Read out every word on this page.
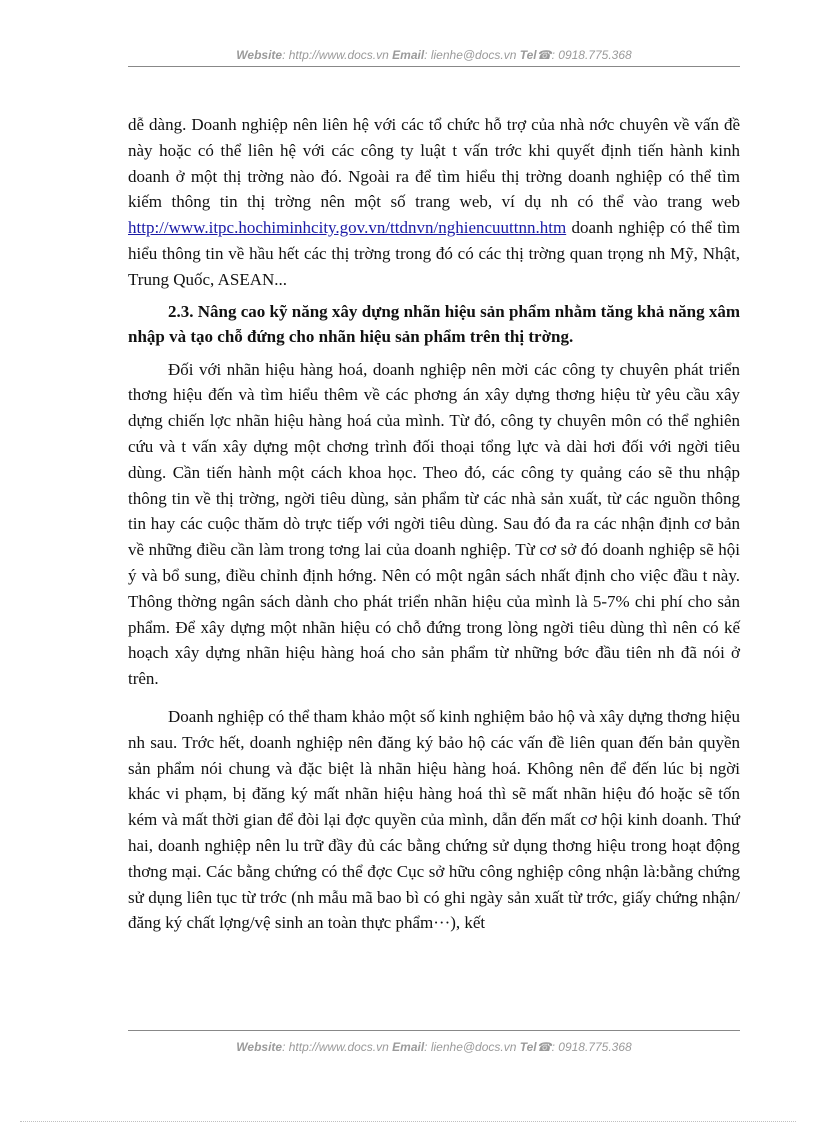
Website: http://www.docs.vn Email: lienhe@docs.vn Tel☎: 0918.775.368

dễ dàng. Doanh nghiệp nên liên hệ với các tổ chức hỗ trợ của nhà nớc chuyên về vấn đề này hoặc có thể liên hệ với các công ty luật t vấn trớc khi quyết định tiến hành kinh doanh ở một thị trờng nào đó. Ngoài ra để tìm hiểu thị trờng doanh nghiệp có thể tìm kiếm thông tin thị trờng nên một số trang web, ví dụ nh có thể vào trang web http://www.itpc.hochiminhcity.gov.vn/ttdnvn/nghiencuuttnn.htm doanh nghiệp có thể tìm hiểu thông tin về hầu hết các thị trờng trong đó có các thị trờng quan trọng nh Mỹ, Nhật, Trung Quốc, ASEAN...

2.3. Nâng cao kỹ năng xây dựng nhãn hiệu sản phẩm nhằm tăng khả năng xâm nhập và tạo chỗ đứng cho nhãn hiệu sản phẩm trên thị trờng.

Đối với nhãn hiệu hàng hoá, doanh nghiệp nên mời các công ty chuyên phát triển thơng hiệu đến và tìm hiểu thêm về các phơng án xây dựng thơng hiệu từ yêu cầu xây dựng chiến lợc nhãn hiệu hàng hoá của mình. Từ đó, công ty chuyên môn có thể nghiên cứu và t vấn xây dựng một chơng trình đối thoại tổng lực và dài hơi đối với ngời tiêu dùng. Cần tiến hành một cách khoa học. Theo đó, các công ty quảng cáo sẽ thu nhập thông tin về thị trờng, ngời tiêu dùng, sản phẩm từ các nhà sản xuất, từ các nguồn thông tin hay các cuộc thăm dò trực tiếp với ngời tiêu dùng. Sau đó đa ra các nhận định cơ bản về những điều cần làm trong tơng lai của doanh nghiệp. Từ cơ sở đó doanh nghiệp sẽ hội ý và bổ sung, điều chỉnh định hớng. Nên có một ngân sách nhất định cho việc đầu t này. Thông thờng ngân sách dành cho phát triển nhãn hiệu của mình là 5-7% chi phí cho sản phẩm. Để xây dựng một nhãn hiệu có chỗ đứng trong lòng ngời tiêu dùng thì nên có kế hoạch xây dựng nhãn hiệu hàng hoá cho sản phẩm từ những bớc đầu tiên nh đã nói ở trên.

Doanh nghiệp có thể tham khảo một số kinh nghiệm bảo hộ và xây dựng thơng hiệu nh sau. Trớc hết, doanh nghiệp nên đăng ký bảo hộ các vấn đề liên quan đến bản quyền sản phẩm nói chung và đặc biệt là nhãn hiệu hàng hoá. Không nên để đến lúc bị ngời khác vi phạm, bị đăng ký mất nhãn hiệu hàng hoá thì sẽ mất nhãn hiệu đó hoặc sẽ tốn kém và mất thời gian để đòi lại đợc quyền của mình, dẫn đến mất cơ hội kinh doanh. Thứ hai, doanh nghiệp nên lu trữ đầy đủ các bằng chứng sử dụng thơng hiệu trong hoạt động thơng mại. Các bằng chứng có thể đợc Cục sở hữu công nghiệp công nhận là:bằng chứng sử dụng liên tục từ trớc (nh mẫu mã bao bì có ghi ngày sản xuất từ trớc, giấy chứng nhận/đăng ký chất lợng/vệ sinh an toàn thực phẩm···), kết

Website: http://www.docs.vn Email: lienhe@docs.vn Tel☎: 0918.775.368
